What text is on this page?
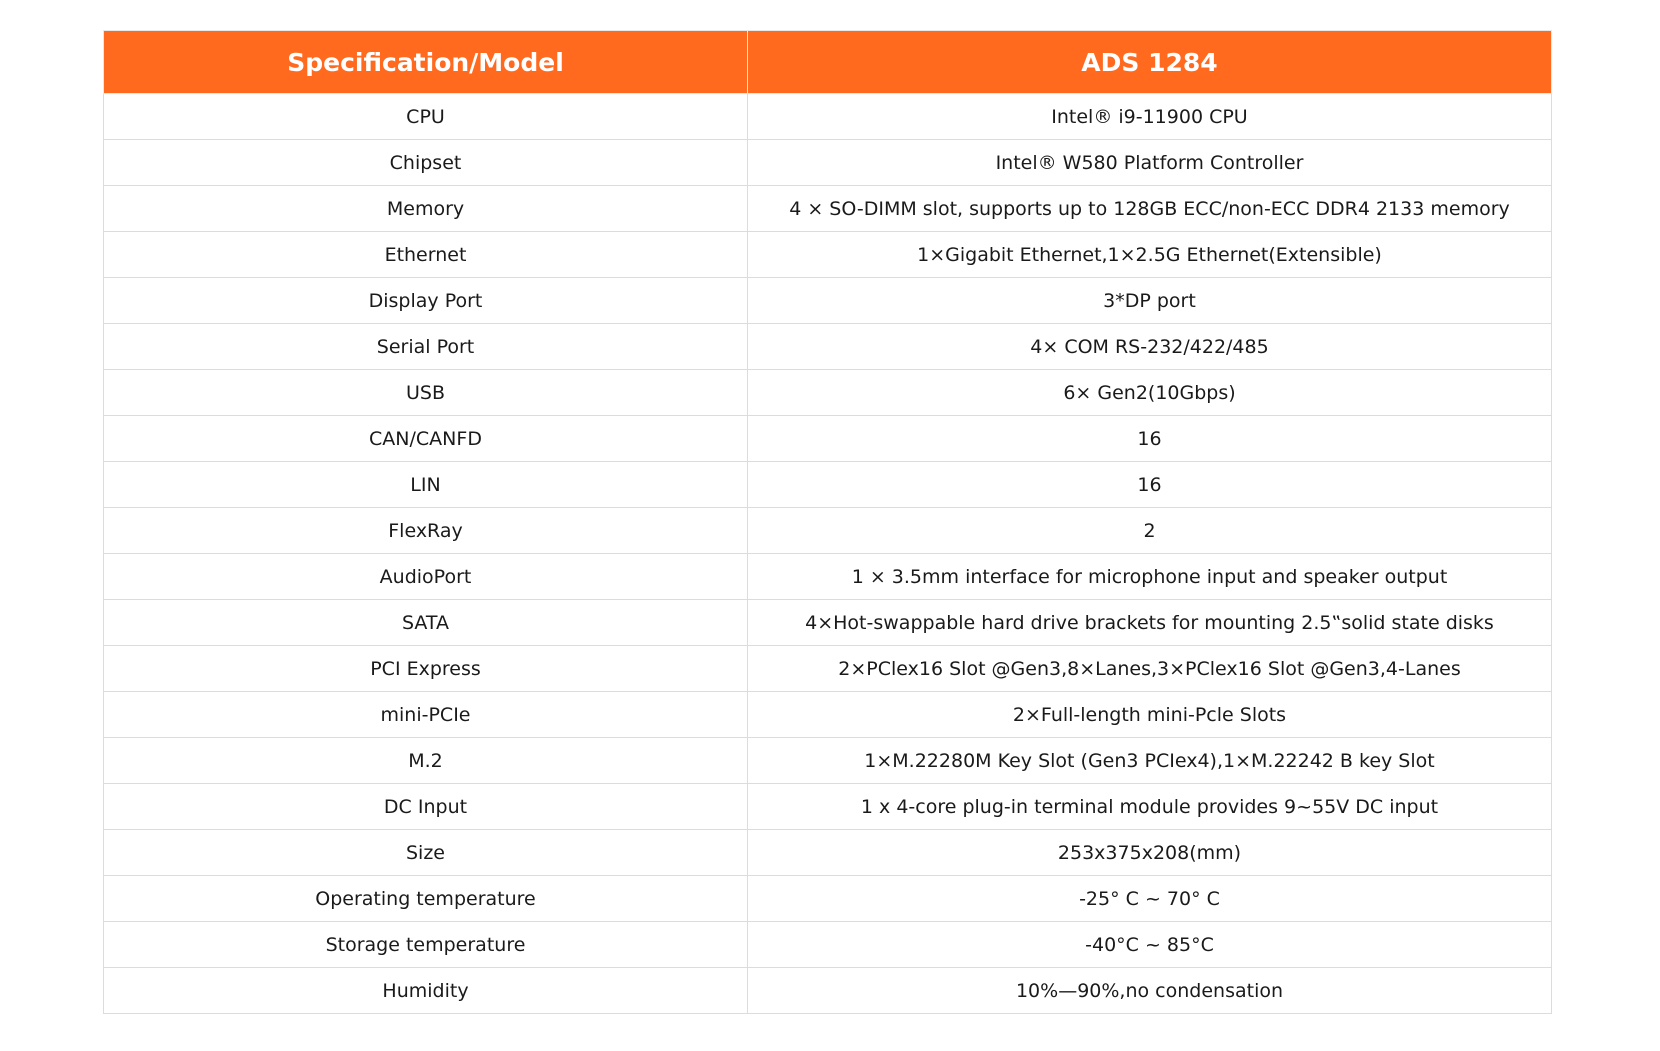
Specification/Model	ADS 1284
CPU	Intel® i9-11900 CPU
Chipset	Intel® W580 Platform Controller
Memory	4 × SO-DIMM slot, supports up to 128GB ECC/non-ECC DDR4 2133 memory
Ethernet	1×Gigabit Ethernet,1×2.5G Ethernet(Extensible)
Display Port	3*DP port
Serial Port	4× COM RS-232/422/485
USB	6× Gen2(10Gbps)
CAN/CANFD	16
LIN	16
FlexRay	2
AudioPort	1 × 3.5mm interface for microphone input and speaker output
SATA	4×Hot-swappable hard drive brackets for mounting 2.5‟solid state disks
PCI Express	2×PClex16 Slot @Gen3,8×Lanes,3×PClex16 Slot @Gen3,4-Lanes
mini-PCIe	2×Full-length mini-Pcle Slots
M.2	1×M.22280M Key Slot (Gen3 PCIex4),1×M.22242 B key Slot
DC Input	1 x 4-core plug-in terminal module provides 9~55V DC input
Size	253x375x208(mm)
Operating temperature	-25° C ~ 70° C
Storage temperature	-40°C ~ 85°C
Humidity	10%—90%,no condensation
